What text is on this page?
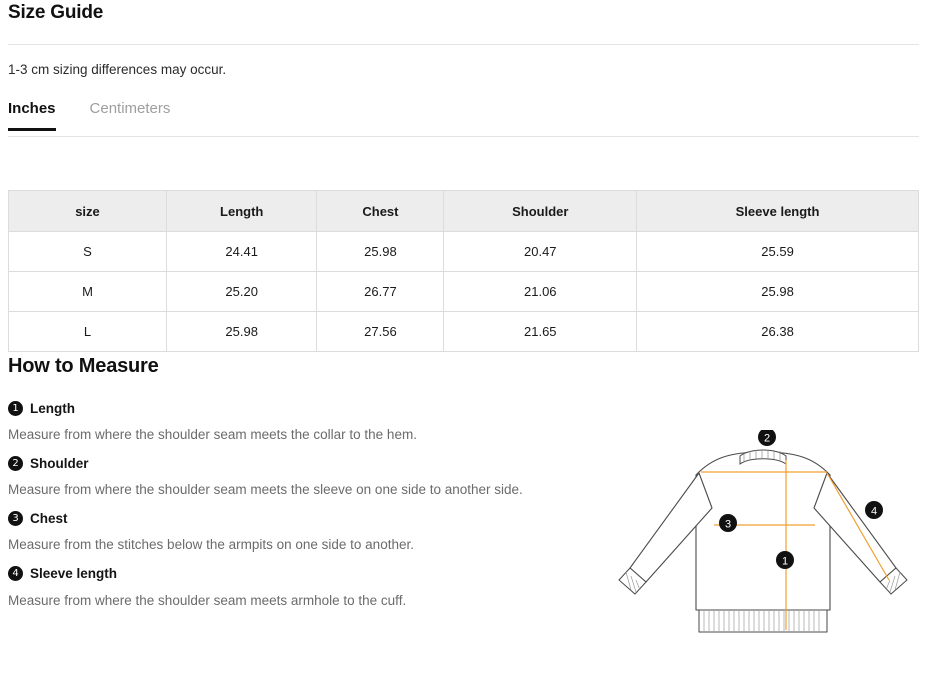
Size Guide
1-3 cm sizing differences may occur.
Inches Centimeters
size	Length	Chest	Shoulder	Sleeve length
S	24.41	25.98	20.47	25.59
M	25.20	26.77	21.06	25.98
L	25.98	27.56	21.65	26.38
How to Measure
1 Length

Measure from where the shoulder seam meets the collar to the hem.

2 Shoulder

Measure from where the shoulder seam meets the sleeve on one side to another side.

3 Chest

Measure from the stitches below the armpits on one side to another.

4 Sleeve length

Measure from where the shoulder seam meets armhole to the cuff.

2
4
3
1
